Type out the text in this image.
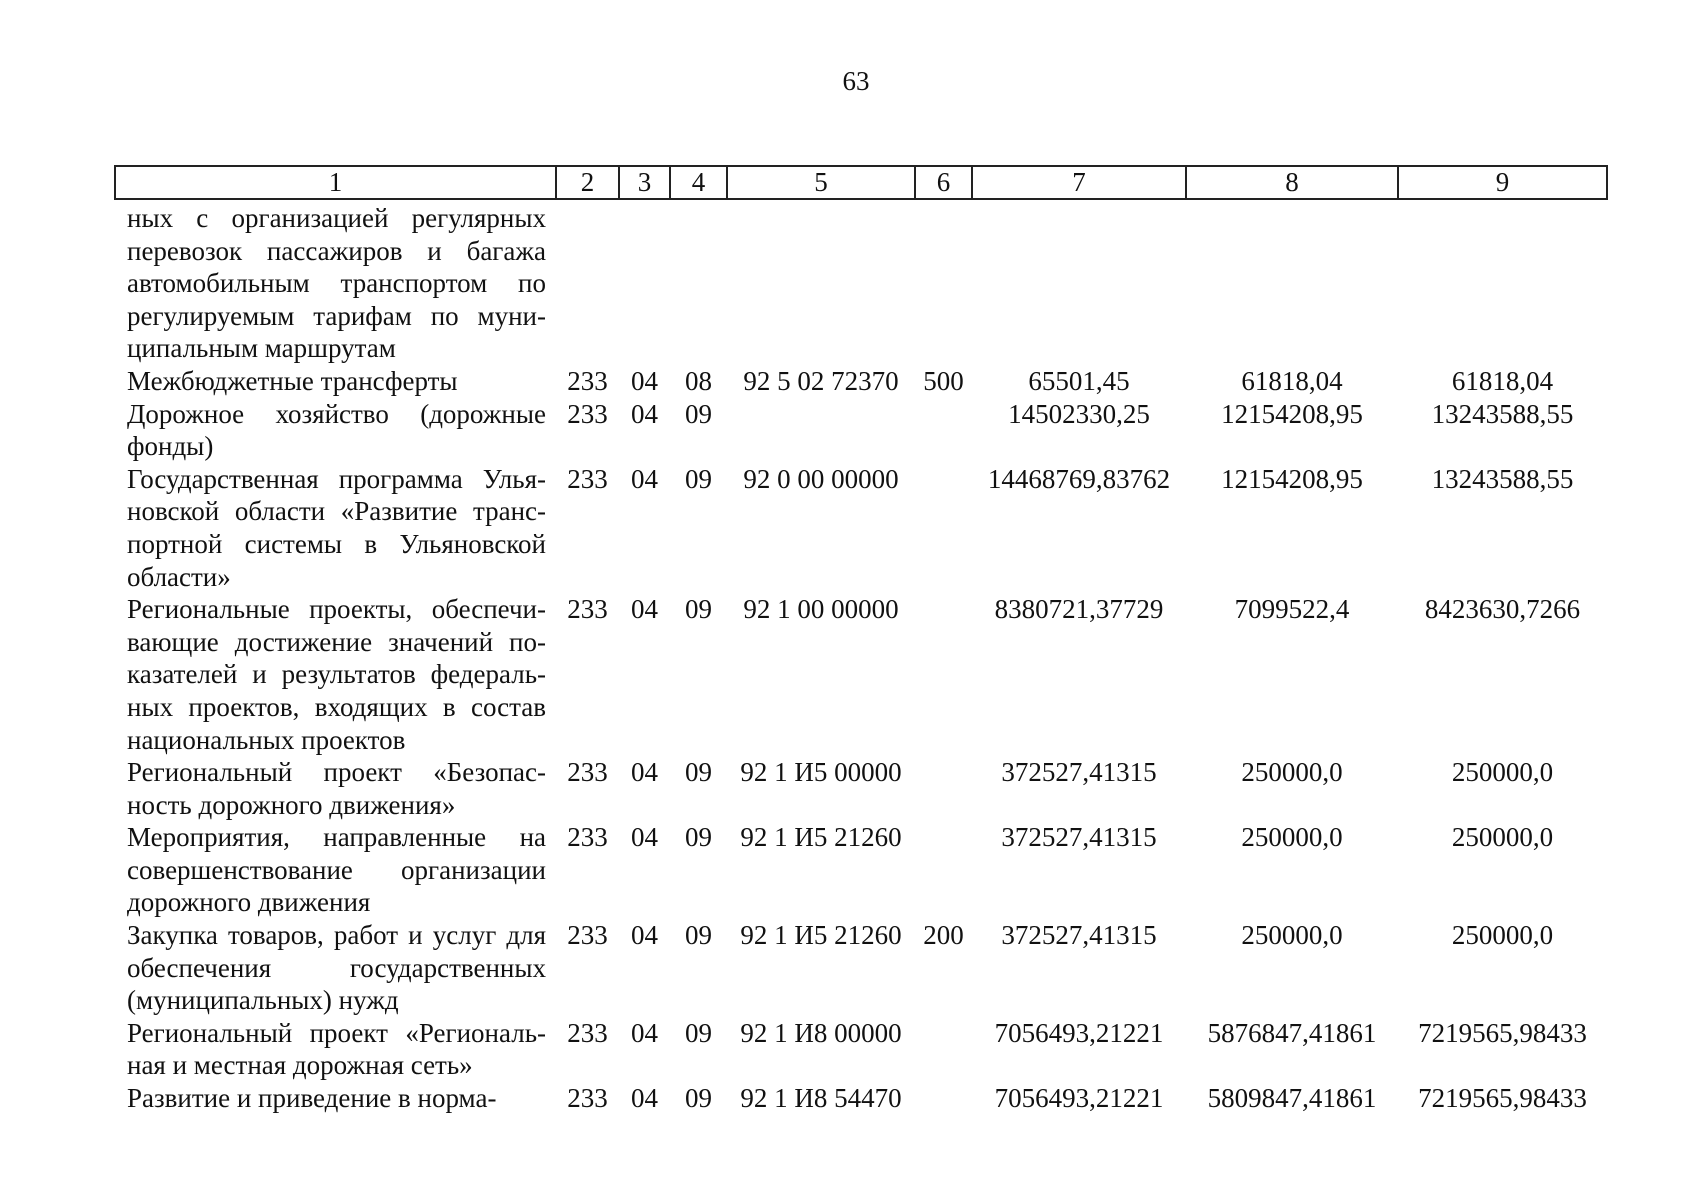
63
1	2	3	4	5	6	7	8	9
ных с организацией регулярных перевозок пассажиров и багажа автомобильным транспортом по регулируемым тарифам по муни-ципальным маршрутам								
Межбюджетные трансферты	233	04	08	92 5 02 72370	500	65501,45	61818,04	61818,04
Дорожное хозяйство (дорожные фонды)	233	04	09			14502330,25	12154208,95	13243588,55
Государственная программа Улья-новской области «Развитие транс-портной системы в Ульяновской области»	233	04	09	92 0 00 00000		14468769,83762	12154208,95	13243588,55
Региональные проекты, обеспечи-вающие достижение значений по-казателей и результатов федераль-ных проектов, входящих в состав национальных проектов	233	04	09	92 1 00 00000		8380721,37729	7099522,4	8423630,7266
Региональный проект «Безопас-ность дорожного движения»	233	04	09	92 1 И5 00000		372527,41315	250000,0	250000,0
Мероприятия, направленные на совершенствование организации дорожного движения	233	04	09	92 1 И5 21260		372527,41315	250000,0	250000,0
Закупка товаров, работ и услуг для обеспечения государственных (муниципальных) нужд	233	04	09	92 1 И5 21260	200	372527,41315	250000,0	250000,0
Региональный проект «Региональ-ная и местная дорожная сеть»	233	04	09	92 1 И8 00000		7056493,21221	5876847,41861	7219565,98433
Развитие и приведение в норма-	233	04	09	92 1 И8 54470		7056493,21221	5809847,41861	7219565,98433
